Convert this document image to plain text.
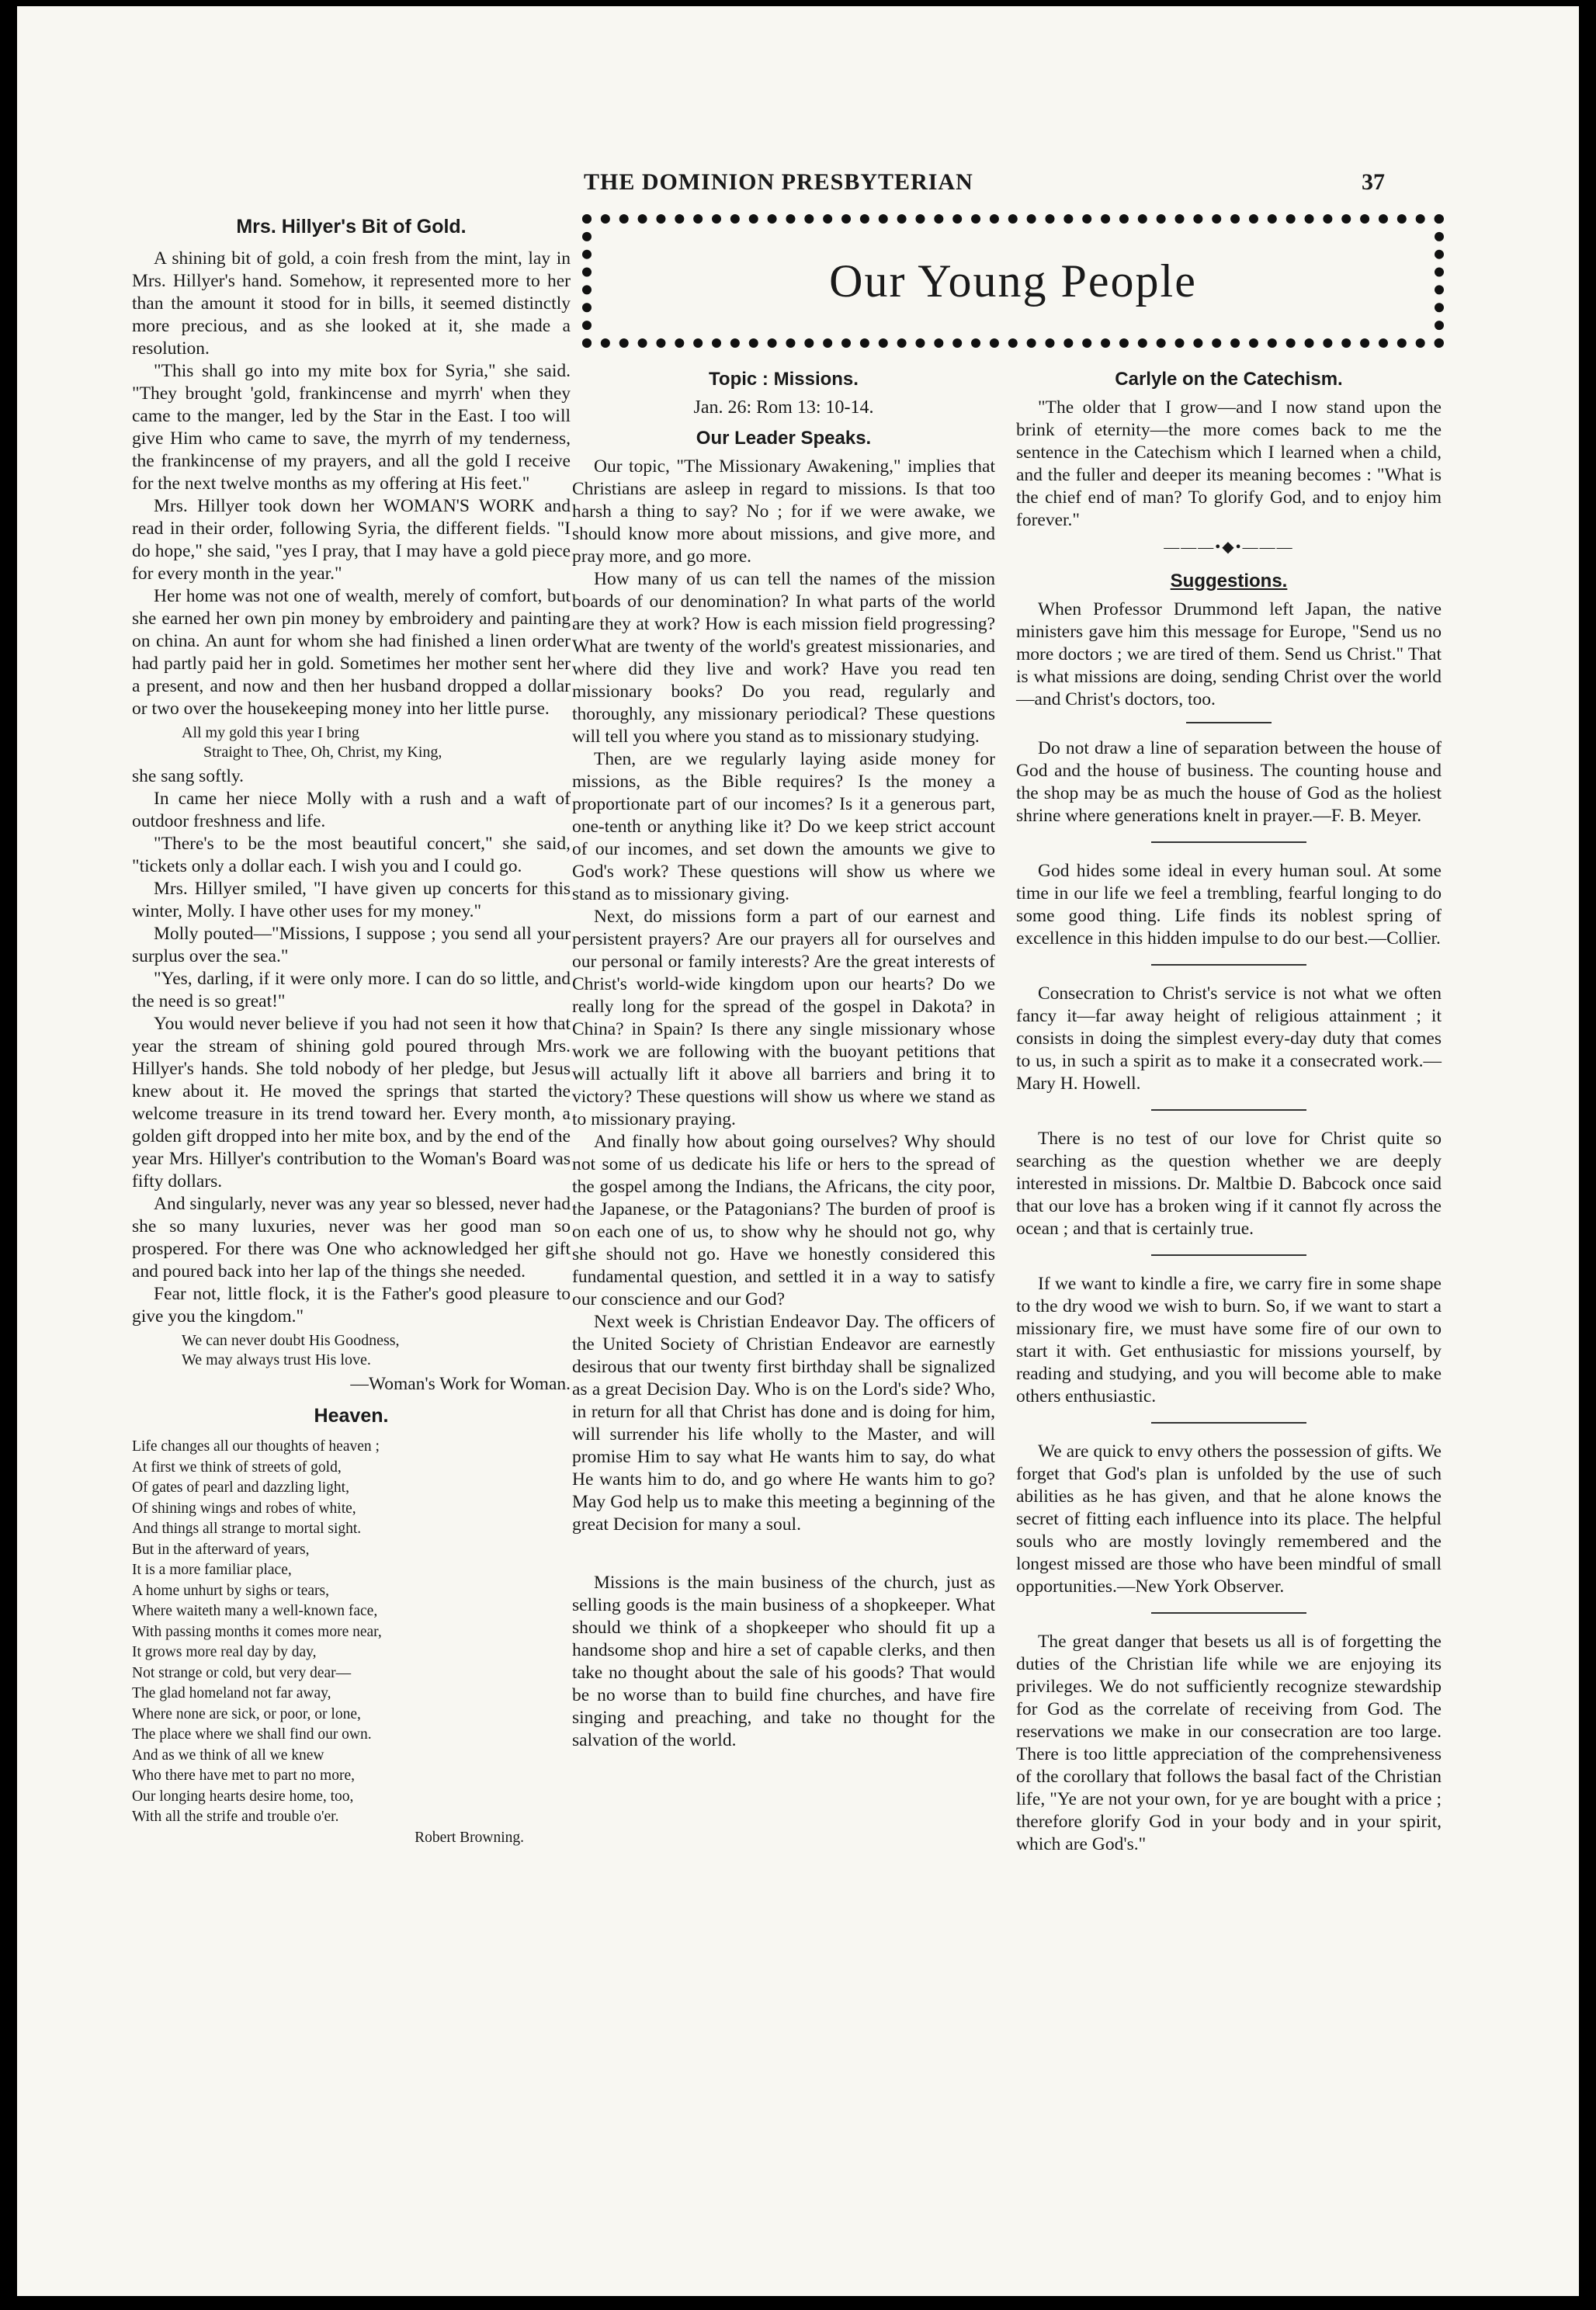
THE DOMINION PRESBYTERIAN	37
Our Young People
Mrs. Hillyer's Bit of Gold.

A shining bit of gold, a coin fresh from the mint, lay in Mrs. Hillyer's hand. Somehow, it represented more to her than the amount it stood for in bills, it seemed distinctly more precious, and as she looked at it, she made a resolution.

"This shall go into my mite box for Syria," she said. "They brought 'gold, frankincense and myrrh' when they came to the manger, led by the Star in the East. I too will give Him who came to save, the myrrh of my tenderness, the frankincense of my prayers, and all the gold I receive for the next twelve months as my offering at His feet."

Mrs. Hillyer took down her WOMAN'S WORK and read in their order, following Syria, the different fields. "I do hope," she said, "yes I pray, that I may have a gold piece for every month in the year."

Her home was not one of wealth, merely of comfort, but she earned her own pin money by embroidery and painting on china. An aunt for whom she had finished a linen order had partly paid her in gold. Sometimes her mother sent her a present, and now and then her husband dropped a dollar or two over the housekeeping money into her little purse.

All my gold this year I bring
Straight to Thee, Oh, Christ, my King,

she sang softly.

In came her niece Molly with a rush and a waft of outdoor freshness and life.

"There's to be the most beautiful concert," she said, "tickets only a dollar each. I wish you and I could go.

Mrs. Hillyer smiled, "I have given up concerts for this winter, Molly. I have other uses for my money."

Molly pouted—"Missions, I suppose ; you send all your surplus over the sea."

"Yes, darling, if it were only more. I can do so little, and the need is so great!"

You would never believe if you had not seen it how that year the stream of shining gold poured through Mrs. Hillyer's hands. She told nobody of her pledge, but Jesus knew about it. He moved the springs that started the welcome treasure in its trend toward her. Every month, a golden gift dropped into her mite box, and by the end of the year Mrs. Hillyer's contribution to the Woman's Board was fifty dollars.

And singularly, never was any year so blessed, never had she so many luxuries, never was her good man so prospered. For there was One who acknowledged her gift and poured back into her lap of the things she needed.

Fear not, little flock, it is the Father's good pleasure to give you the kingdom."

We can never doubt His Goodness,
We may always trust His love.
—Woman's Work for Woman.
Heaven.
Life changes all our thoughts of heaven ;
At first we think of streets of gold,
Of gates of pearl and dazzling light,
Of shining wings and robes of white,
And things all strange to mortal sight.
But in the afterward of years,
It is a more familiar place,
A home unhurt by sighs or tears,
Where waiteth many a well-known face,
With passing months it comes more near,
It grows more real day by day,
Not strange or cold, but very dear—
The glad homeland not far away,
Where none are sick, or poor, or lone,
The place where we shall find our own.
And as we think of all we knew
Who there have met to part no more,
Our longing hearts desire home, too,
With all the strife and trouble o'er.
Robert Browning.
Topic : Missions.
Jan. 26: Rom 13: 10-14.
Our Leader Speaks.

Our topic, "The Missionary Awakening," implies that Christians are asleep in regard to missions. Is that too harsh a thing to say? No ; for if we were awake, we should know more about missions, and give more, and pray more, and go more.

How many of us can tell the names of the mission boards of our denomination? In what parts of the world are they at work? How is each mission field progressing? What are twenty of the world's greatest missionaries, and where did they live and work? Have you read ten missionary books? Do you read, regularly and thoroughly, any missionary periodical? These questions will tell you where you stand as to missionary studying.

Then, are we regularly laying aside money for missions, as the Bible requires? Is the money a proportionate part of our incomes? Is it a generous part, one-tenth or anything like it? Do we keep strict account of our incomes, and set down the amounts we give to God's work? These questions will show us where we stand as to missionary giving.

Next, do missions form a part of our earnest and persistent prayers? Are our prayers all for ourselves and our personal or family interests? Are the great interests of Christ's world-wide kingdom upon our hearts? Do we really long for the spread of the gospel in Dakota? in China? in Spain? Is there any single missionary whose work we are following with the buoyant petitions that will actually lift it above all barriers and bring it to victory? These questions will show us where we stand as to missionary praying.

And finally how about going ourselves? Why should not some of us dedicate his life or hers to the spread of the gospel among the Indians, the Africans, the city poor, the Japanese, or the Patagonians? The burden of proof is on each one of us, to show why he should not go, why she should not go. Have we honestly considered this fundamental question, and settled it in a way to satisfy our conscience and our God?

Next week is Christian Endeavor Day. The officers of the United Society of Christian Endeavor are earnestly desirous that our twenty first birthday shall be signalized as a great Decision Day. Who is on the Lord's side? Who, in return for all that Christ has done and is doing for him, will surrender his life wholly to the Master, and will promise Him to say what He wants him to say, do what He wants him to do, and go where He wants him to go? May God help us to make this meeting a beginning of the great Decision for many a soul.

Missions is the main business of the church, just as selling goods is the main business of a shopkeeper. What should we think of a shopkeeper who should fit up a handsome shop and hire a set of capable clerks, and then take no thought about the sale of his goods? That would be no worse than to build fine churches, and have fire singing and preaching, and take no thought for the salvation of the world.

Carlyle on the Catechism.

"The older that I grow—and I now stand upon the brink of eternity—the more comes back to me the sentence in the Catechism which I learned when a child, and the fuller and deeper its meaning becomes : "What is the chief end of man? To glorify God, and to enjoy him forever."

———•◆•———
Suggestions.

When Professor Drummond left Japan, the native ministers gave him this message for Europe, "Send us no more doctors ; we are tired of them. Send us Christ." That is what missions are doing, sending Christ over the world—and Christ's doctors, too.

Do not draw a line of separation between the house of God and the house of business. The counting house and the shop may be as much the house of God as the holiest shrine where generations knelt in prayer.—F. B. Meyer.

God hides some ideal in every human soul. At some time in our life we feel a trembling, fearful longing to do some good thing. Life finds its noblest spring of excellence in this hidden impulse to do our best.—Collier.

Consecration to Christ's service is not what we often fancy it—far away height of religious attainment ; it consists in doing the simplest every-day duty that comes to us, in such a spirit as to make it a consecrated work.—Mary H. Howell.

There is no test of our love for Christ quite so searching as the question whether we are deeply interested in missions. Dr. Maltbie D. Babcock once said that our love has a broken wing if it cannot fly across the ocean ; and that is certainly true.

If we want to kindle a fire, we carry fire in some shape to the dry wood we wish to burn. So, if we want to start a missionary fire, we must have some fire of our own to start it with. Get enthusiastic for missions yourself, by reading and studying, and you will become able to make others enthusiastic.

We are quick to envy others the possession of gifts. We forget that God's plan is unfolded by the use of such abilities as he has given, and that he alone knows the secret of fitting each influence into its place. The helpful souls who are mostly lovingly remembered and the longest missed are those who have been mindful of small opportunities.—New York Observer.

The great danger that besets us all is of forgetting the duties of the Christian life while we are enjoying its privileges. We do not sufficiently recognize stewardship for God as the correlate of receiving from God. The reservations we make in our consecration are too large. There is too little appreciation of the comprehensiveness of the corollary that follows the basal fact of the Christian life, "Ye are not your own, for ye are bought with a price ; therefore glorify God in your body and in your spirit, which are God's."
